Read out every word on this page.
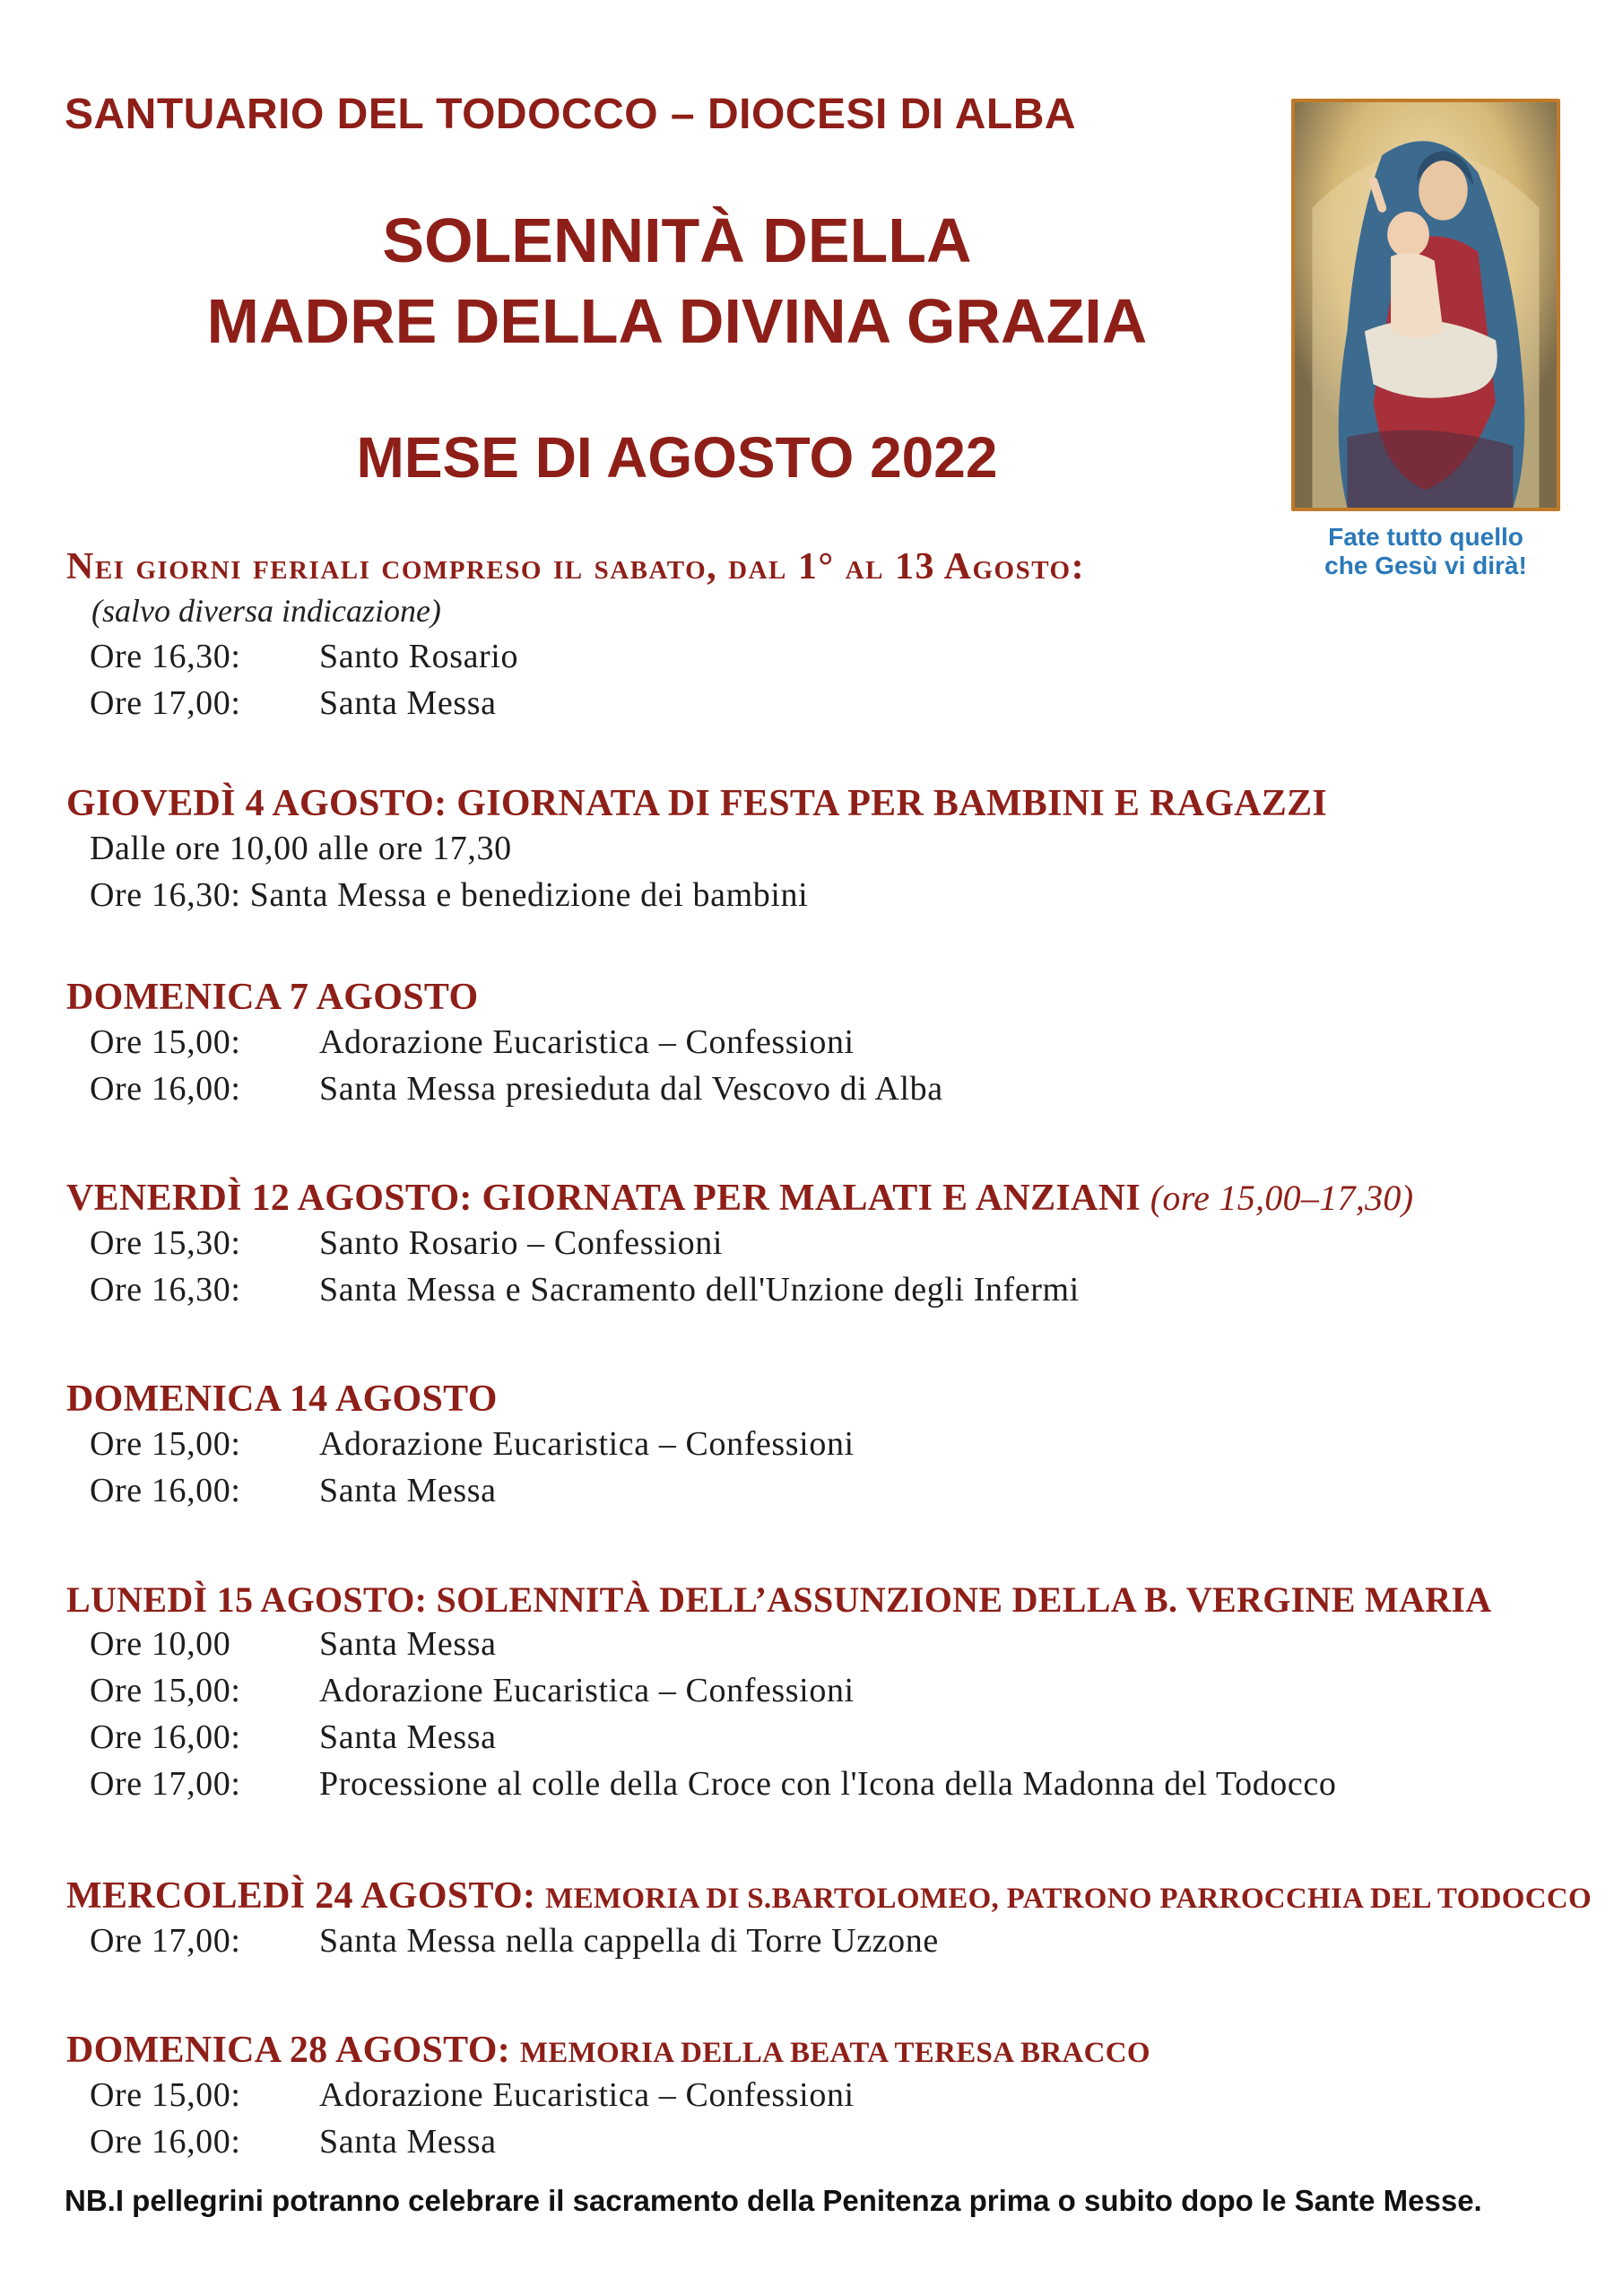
SANTUARIO DEL TODOCCO – DIOCESI DI ALBA
SOLENNITÀ DELLA
MADRE DELLA DIVINA GRAZIA
MESE DI AGOSTO 2022
Fate tutto quello
che Gesù vi dirà!
Nei giorni feriali compreso il sabato, dal 1° al 13 Agosto:
(salvo diversa indicazione)
Ore 16,30: Santo Rosario
Ore 17,00: Santa Messa
GIOVEDÌ 4 AGOSTO: GIORNATA DI FESTA PER BAMBINI E RAGAZZI
Dalle ore 10,00 alle ore 17,30
Ore 16,30: Santa Messa e benedizione dei bambini
DOMENICA 7 AGOSTO
Ore 15,00: Adorazione Eucaristica – Confessioni
Ore 16,00: Santa Messa presieduta dal Vescovo di Alba
VENERDÌ 12 AGOSTO: GIORNATA PER MALATI E ANZIANI (ore 15,00–17,30)
Ore 15,30: Santo Rosario – Confessioni
Ore 16,30: Santa Messa e Sacramento dell'Unzione degli Infermi
DOMENICA 14 AGOSTO
Ore 15,00: Adorazione Eucaristica – Confessioni
Ore 16,00: Santa Messa
LUNEDÌ 15 AGOSTO: SOLENNITÀ DELL’ASSUNZIONE DELLA B. VERGINE MARIA
Ore 10,00	Santa Messa
Ore 15,00: Adorazione Eucaristica – Confessioni
Ore 16,00: Santa Messa
Ore 17,00: Processione al colle della Croce con l'Icona della Madonna del Todocco
MERCOLEDÌ 24 AGOSTO: MEMORIA DI S.BARTOLOMEO, PATRONO PARROCCHIA DEL TODOCCO
Ore 17,00: Santa Messa nella cappella di Torre Uzzone
DOMENICA 28 AGOSTO: MEMORIA DELLA BEATA TERESA BRACCO
Ore 15,00: Adorazione Eucaristica – Confessioni
Ore 16,00: Santa Messa
NB.I pellegrini potranno celebrare il sacramento della Penitenza prima o subito dopo le Sante Messe.
